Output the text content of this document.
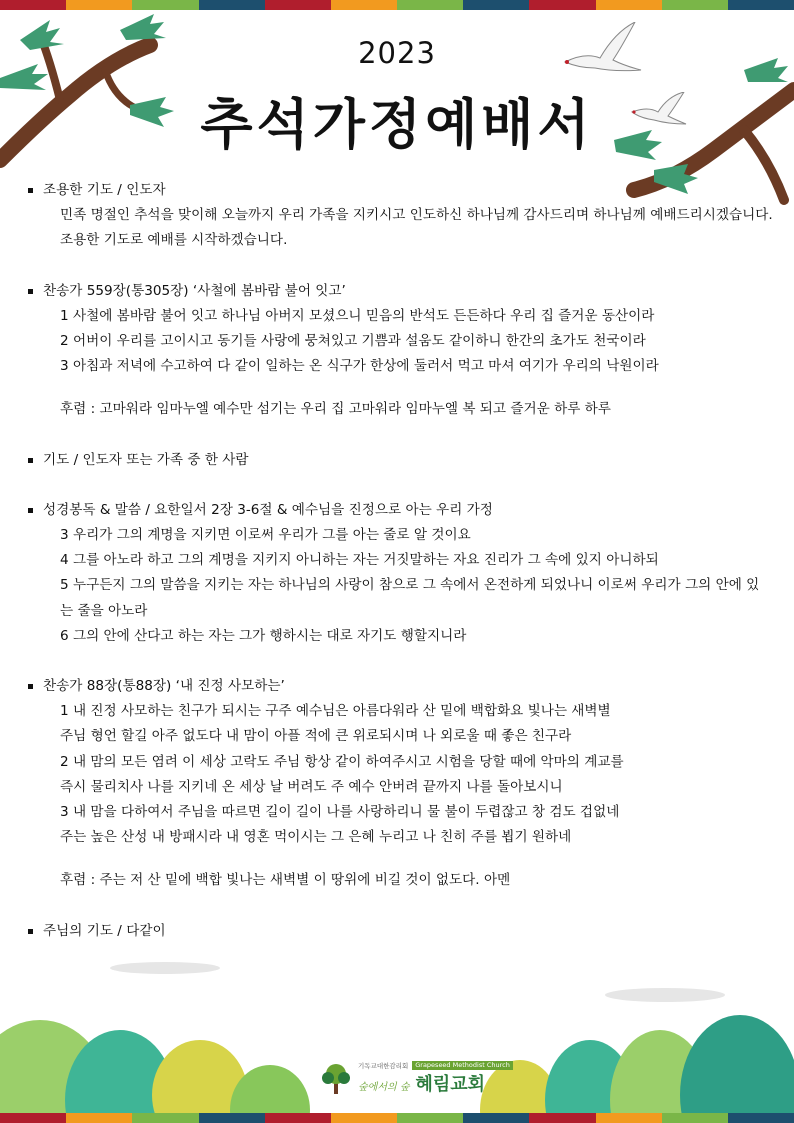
2023
추석가정예배서
조용한 기도 / 인도자
민족 명절인 추석을 맞이해 오늘까지 우리 가족을 지키시고 인도하신 하나님께 감사드리며 하나님께 예배드리시겠습니다. 조용한 기도로 예배를 시작하겠습니다.
찬송가 559장(통305장) ‘사철에 봄바람 불어 잇고’
1 사철에 봄바람 불어 잇고 하나님 아버지 모셨으니 믿음의 반석도 든든하다 우리 집 즐거운 동산이라
2 어버이 우리를 고이시고 동기들 사랑에 뭉쳐있고 기쁨과 설움도 같이하니 한간의 초가도 천국이라
3 아침과 저녁에 수고하여 다 같이 일하는 온 식구가 한상에 둘러서 먹고 마셔 여기가 우리의 낙원이라
후렴 : 고마워라 임마누엘 예수만 섬기는 우리 집 고마워라 임마누엘 복 되고 즐거운 하루 하루
기도 / 인도자 또는 가족 중 한 사람
성경봉독 & 말씀 / 요한일서 2장 3-6절 & 예수님을 진정으로 아는 우리 가정
3 우리가 그의 계명을 지키면 이로써 우리가 그를 아는 줄로 알 것이요
4 그를 아노라 하고 그의 계명을 지키지 아니하는 자는 거짓말하는 자요 진리가 그 속에 있지 아니하되
5 누구든지 그의 말씀을 지키는 자는 하나님의 사랑이 참으로 그 속에서 온전하게 되었나니 이로써 우리가 그의 안에 있는 줄을 아노라
6 그의 안에 산다고 하는 자는 그가 행하시는 대로 자기도 행할지니라
찬송가 88장(통88장) ‘내 진정 사모하는’
1 내 진정 사모하는 친구가 되시는 구주 예수님은 아름다워라 산 밑에 백합화요 빛나는 새벽별
주님 형언 할길 아주 없도다 내 맘이 아플 적에 큰 위로되시며 나 외로울 때 좋은 친구라
2 내 맘의 모든 염려 이 세상 고락도 주님 항상 같이 하여주시고 시험을 당할 때에 악마의 계교를
즉시 물리치사 나를 지키네 온 세상 날 버려도 주 예수 안버려 끝까지 나를 돌아보시니
3 내 맘을 다하여서 주님을 따르면 길이 길이 나를 사랑하리니 물 불이 두렵잖고 창 검도 겁없네
주는 높은 산성 내 방패시라 내 영혼 먹이시는 그 은혜 누리고 나 친히 주를 뵙기 원하네
후렴 : 주는 저 산 밑에 백합 빛나는 새벽별 이 땅위에 비길 것이 없도다. 아멘
주님의 기도 / 다같이
기독교대한감리회	Grapeseed Methodist Church
숲에서의 숲 혜림교회
